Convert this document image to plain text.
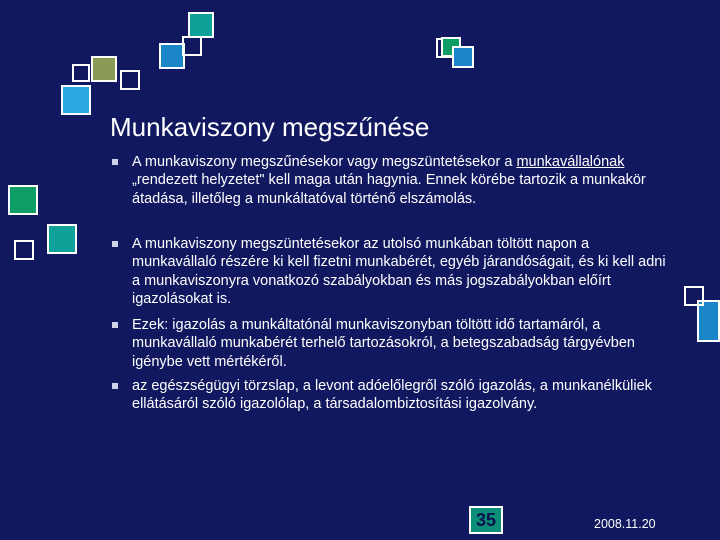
Munkaviszony megszűnése
A munkaviszony megszűnésekor vagy megszüntetésekor a munkavállalónak „rendezett helyzetet" kell maga után hagynia. Ennek körébe tartozik a munkakör átadása, illetőleg a munkáltatóval történő elszámolás.
A munkaviszony megszüntetésekor az utolsó munkában töltött napon a munkavállaló részére ki kell fizetni munkabérét, egyéb járandóságait, és ki kell adni a munkaviszonyra vonatkozó szabályokban és más jogszabályokban előírt igazolásokat is.
Ezek: igazolás a munkáltatónál munkaviszonyban töltött idő tartamáról, a munkavállaló munkabérét terhelő tartozásokról, a betegszabadság tárgyévben igénybe vett mértékéről.
az egészségügyi törzslap, a levont adóelőlegről szóló igazolás, a munkanélküliek ellátásáról szóló igazolólap, a társadalombiztosítási igazolvány.
35	2008.11.20
